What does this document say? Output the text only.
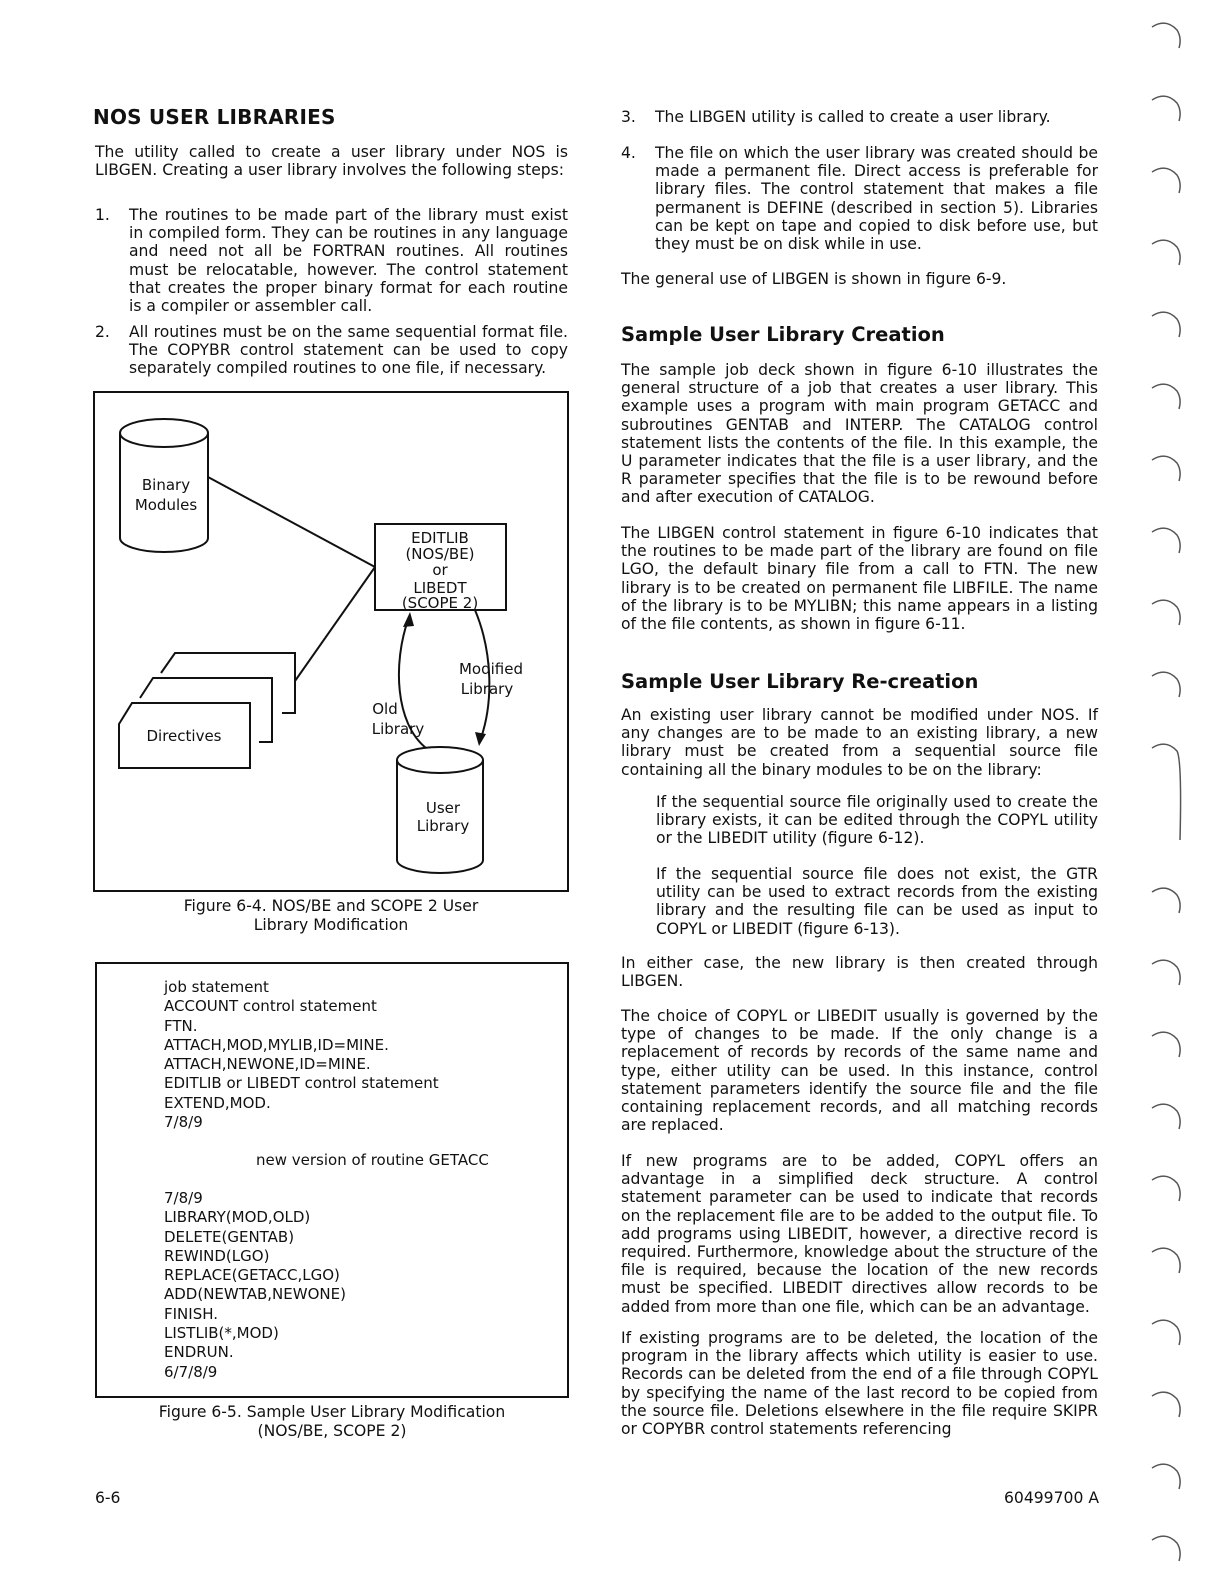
NOS USER LIBRARIES
The utility called to create a user library under NOS is LIBGEN. Creating a user library involves the following steps:
1. The routines to be made part of the library must exist in compiled form. They can be routines in any language and need not all be FORTRAN routines. All routines must be relocatable, however. The control statement that creates the proper binary format for each routine is a compiler or assembler call.
2. All routines must be on the same sequential format file. The COPYBR control statement can be used to copy separately compiled routines to one file, if necessary.
Binary
Modules
EDITLIB
(NOS/BE)
or
LIBEDT
(SCOPE 2)
Modified
Library
Old
Library
Directives
User
Library
Figure 6-4. NOS/BE and SCOPE 2 User
Library Modification
job statement
ACCOUNT control statement
FTN.
ATTACH,MOD,MYLIB,ID=MINE.
ATTACH,NEWONE,ID=MINE.
EDITLIB or LIBEDT control statement
EXTEND,MOD.
7/8/9
new version of routine GETACC
7/8/9
LIBRARY(MOD,OLD)
DELETE(GENTAB)
REWIND(LGO)
REPLACE(GETACC,LGO)
ADD(NEWTAB,NEWONE)
FINISH.
LISTLIB(*,MOD)
ENDRUN.
6/7/8/9
Figure 6-5. Sample User Library Modification
(NOS/BE, SCOPE 2)
3. The LIBGEN utility is called to create a user library.
4. The file on which the user library was created should be made a permanent file. Direct access is preferable for library files. The control statement that makes a file permanent is DEFINE (described in section 5). Libraries can be kept on tape and copied to disk before use, but they must be on disk while in use.
The general use of LIBGEN is shown in figure 6-9.
Sample User Library Creation
The sample job deck shown in figure 6-10 illustrates the general structure of a job that creates a user library. This example uses a program with main program GETACC and subroutines GENTAB and INTERP. The CATALOG control statement lists the contents of the file. In this example, the U parameter indicates that the file is a user library, and the R parameter specifies that the file is to be rewound before and after execution of CATALOG.
The LIBGEN control statement in figure 6-10 indicates that the routines to be made part of the library are found on file LGO, the default binary file from a call to FTN. The new library is to be created on permanent file LIBFILE. The name of the library is to be MYLIBN; this name appears in a listing of the file contents, as shown in figure 6-11.
Sample User Library Re-creation
An existing user library cannot be modified under NOS. If any changes are to be made to an existing library, a new library must be created from a sequential source file containing all the binary modules to be on the library:
If the sequential source file originally used to create the library exists, it can be edited through the COPYL utility or the LIBEDIT utility (figure 6-12).
If the sequential source file does not exist, the GTR utility can be used to extract records from the existing library and the resulting file can be used as input to COPYL or LIBEDIT (figure 6-13).
In either case, the new library is then created through LIBGEN.
The choice of COPYL or LIBEDIT usually is governed by the type of changes to be made. If the only change is a replacement of records by records of the same name and type, either utility can be used. In this instance, control statement parameters identify the source file and the file containing replacement records, and all matching records are replaced.
If new programs are to be added, COPYL offers an advantage in a simplified deck structure. A control statement parameter can be used to indicate that records on the replacement file are to be added to the output file. To add programs using LIBEDIT, however, a directive record is required. Furthermore, knowledge about the structure of the file is required, because the location of the new records must be specified. LIBEDIT directives allow records to be added from more than one file, which can be an advantage.
If existing programs are to be deleted, the location of the program in the library affects which utility is easier to use. Records can be deleted from the end of a file through COPYL by specifying the name of the last record to be copied from the source file. Deletions elsewhere in the file require SKIPR or COPYBR control statements referencing
6-6	60499700 A
